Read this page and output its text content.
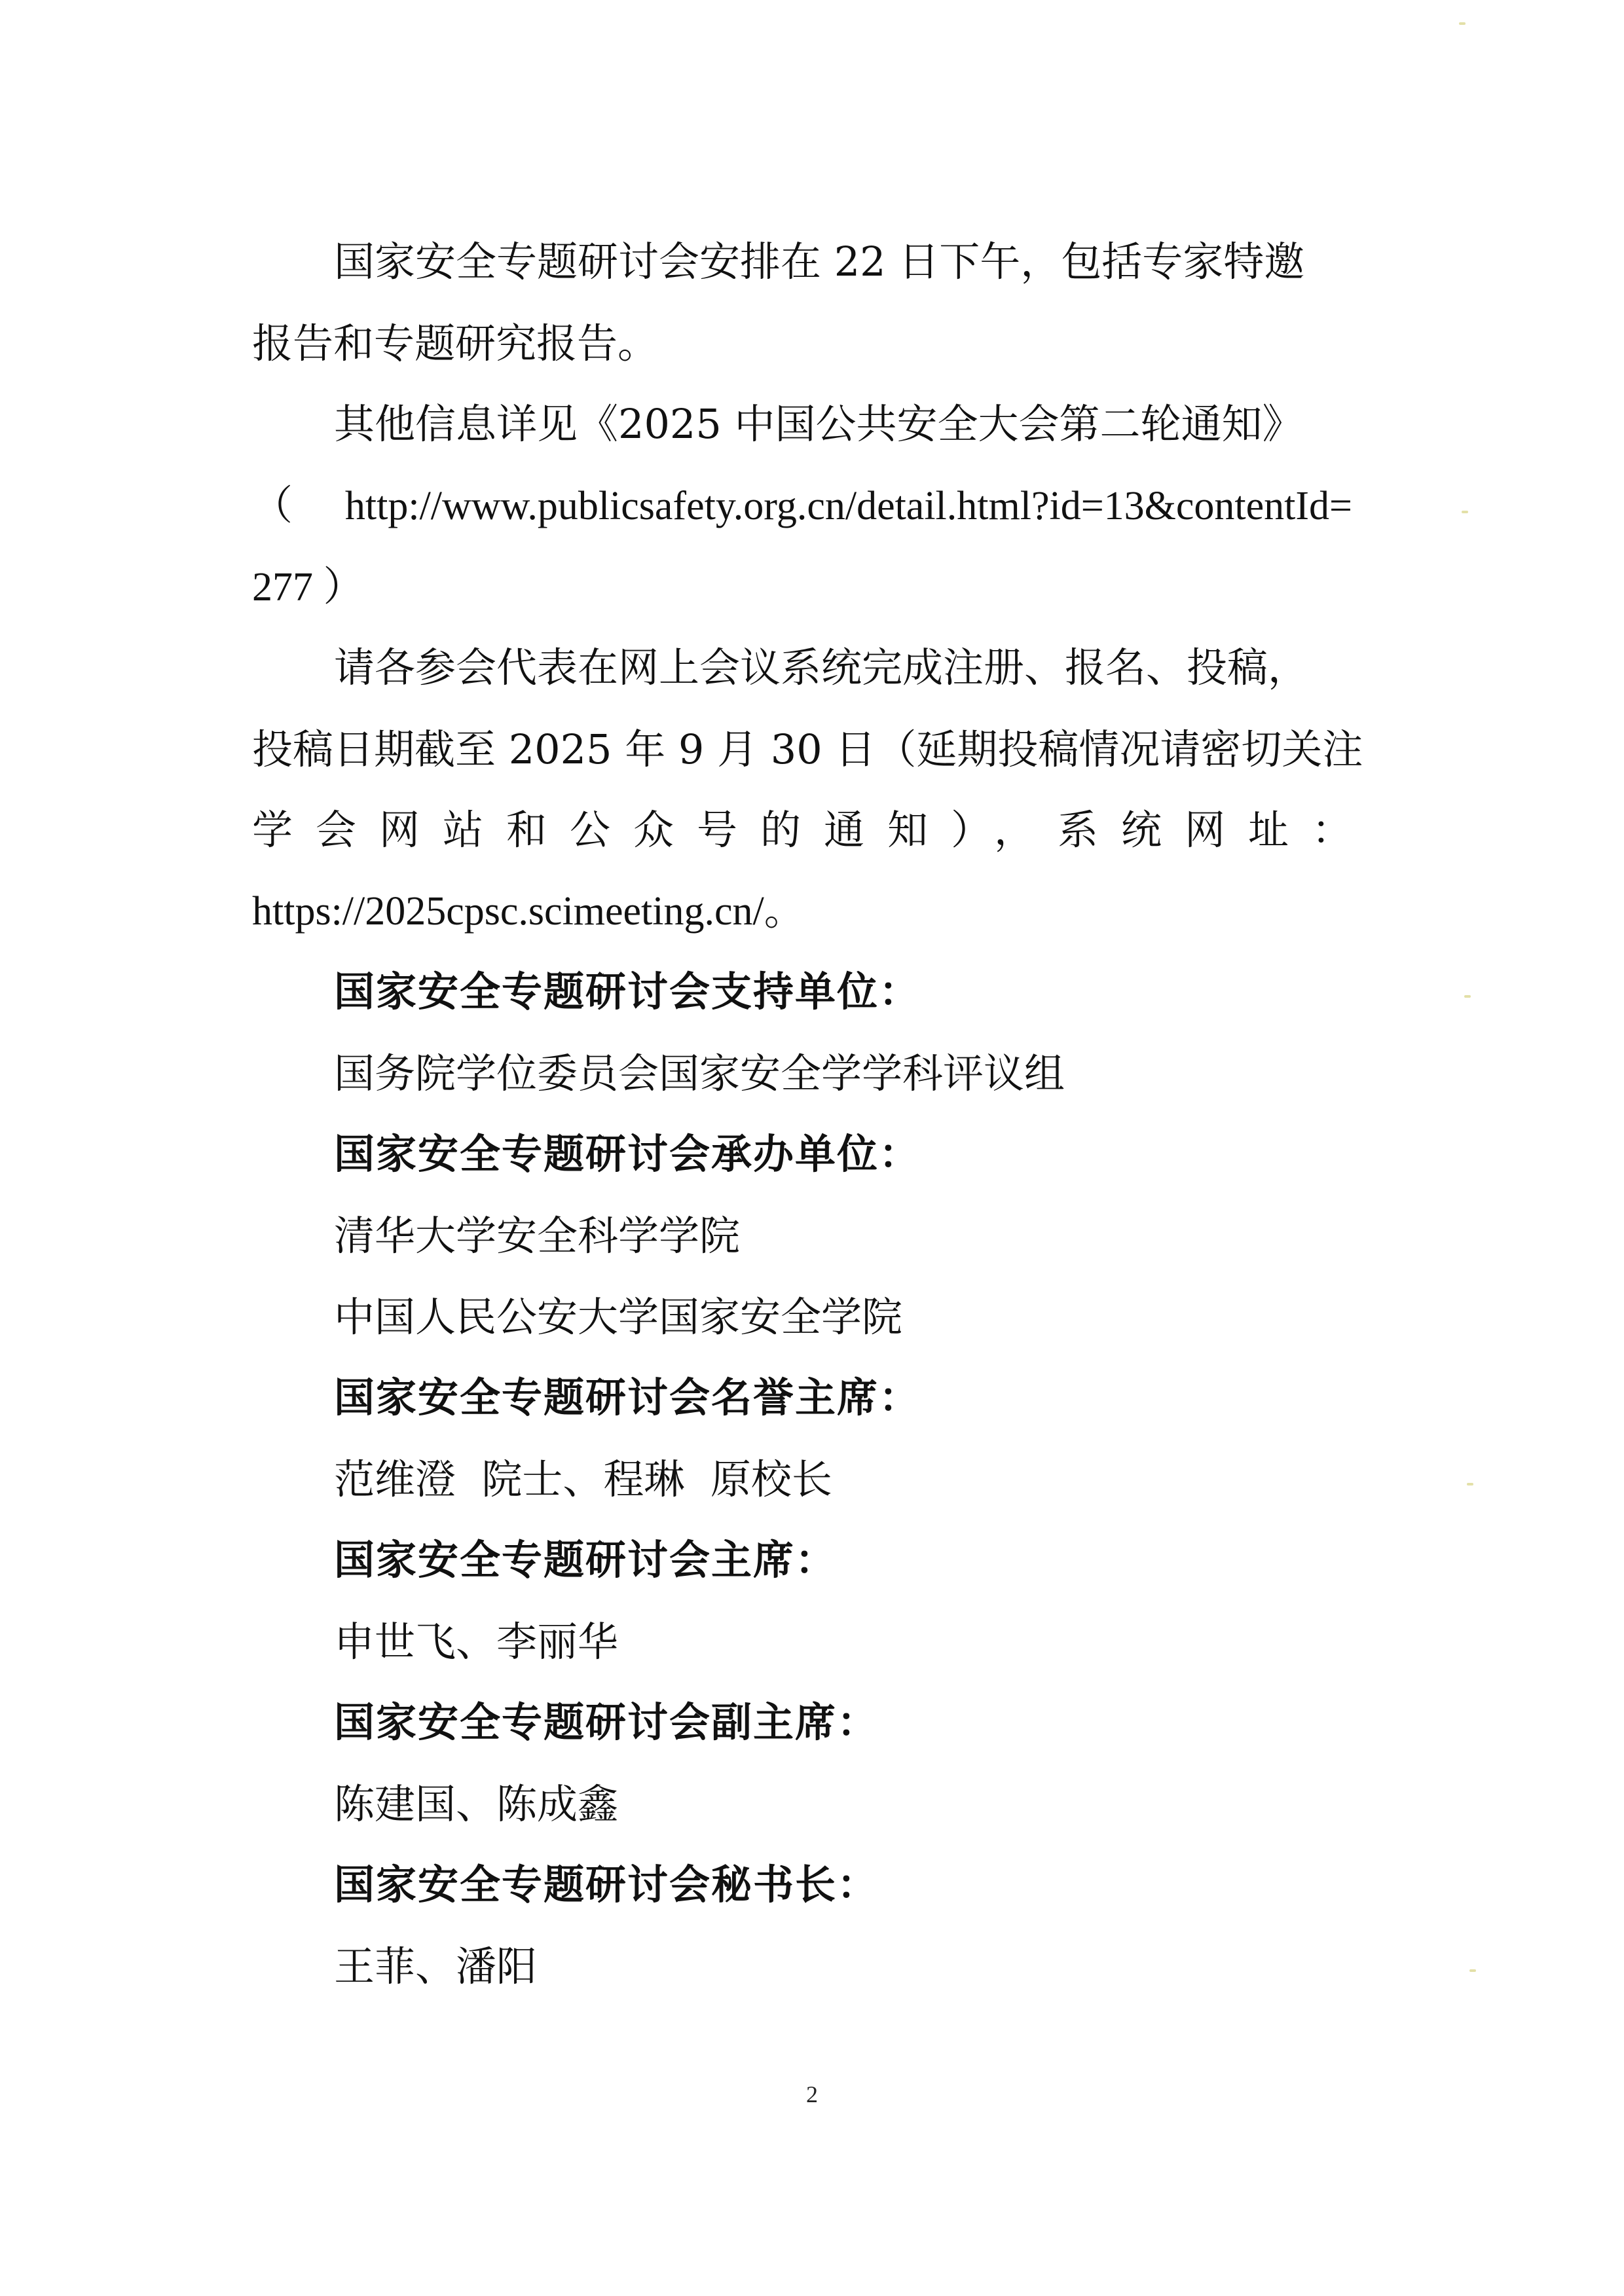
国家安全专题研讨会安排在 22 日下午，包括专家特邀
报告和专题研究报告。
其他信息详见《2025 中国公共安全大会第二轮通知》
（ http://www.publicsafety.org.cn/detail.html?id=13&contentId=
277 ）
请各参会代表在网上会议系统完成注册、报名、投稿，
投稿日期截至 2025 年 9 月 30 日（延期投稿情况请密切关注
学会网站和公众号的通知），系统网址：
https://2025cpsc.scimeeting.cn/。
国家安全专题研讨会支持单位：
国务院学位委员会国家安全学学科评议组
国家安全专题研讨会承办单位：
清华大学安全科学学院
中国人民公安大学国家安全学院
国家安全专题研讨会名誉主席：
范维澄  院士、程琳  原校长
国家安全专题研讨会主席：
申世飞、李丽华
国家安全专题研讨会副主席：
陈建国、陈成鑫
国家安全专题研讨会秘书长：
王菲、潘阳
2
